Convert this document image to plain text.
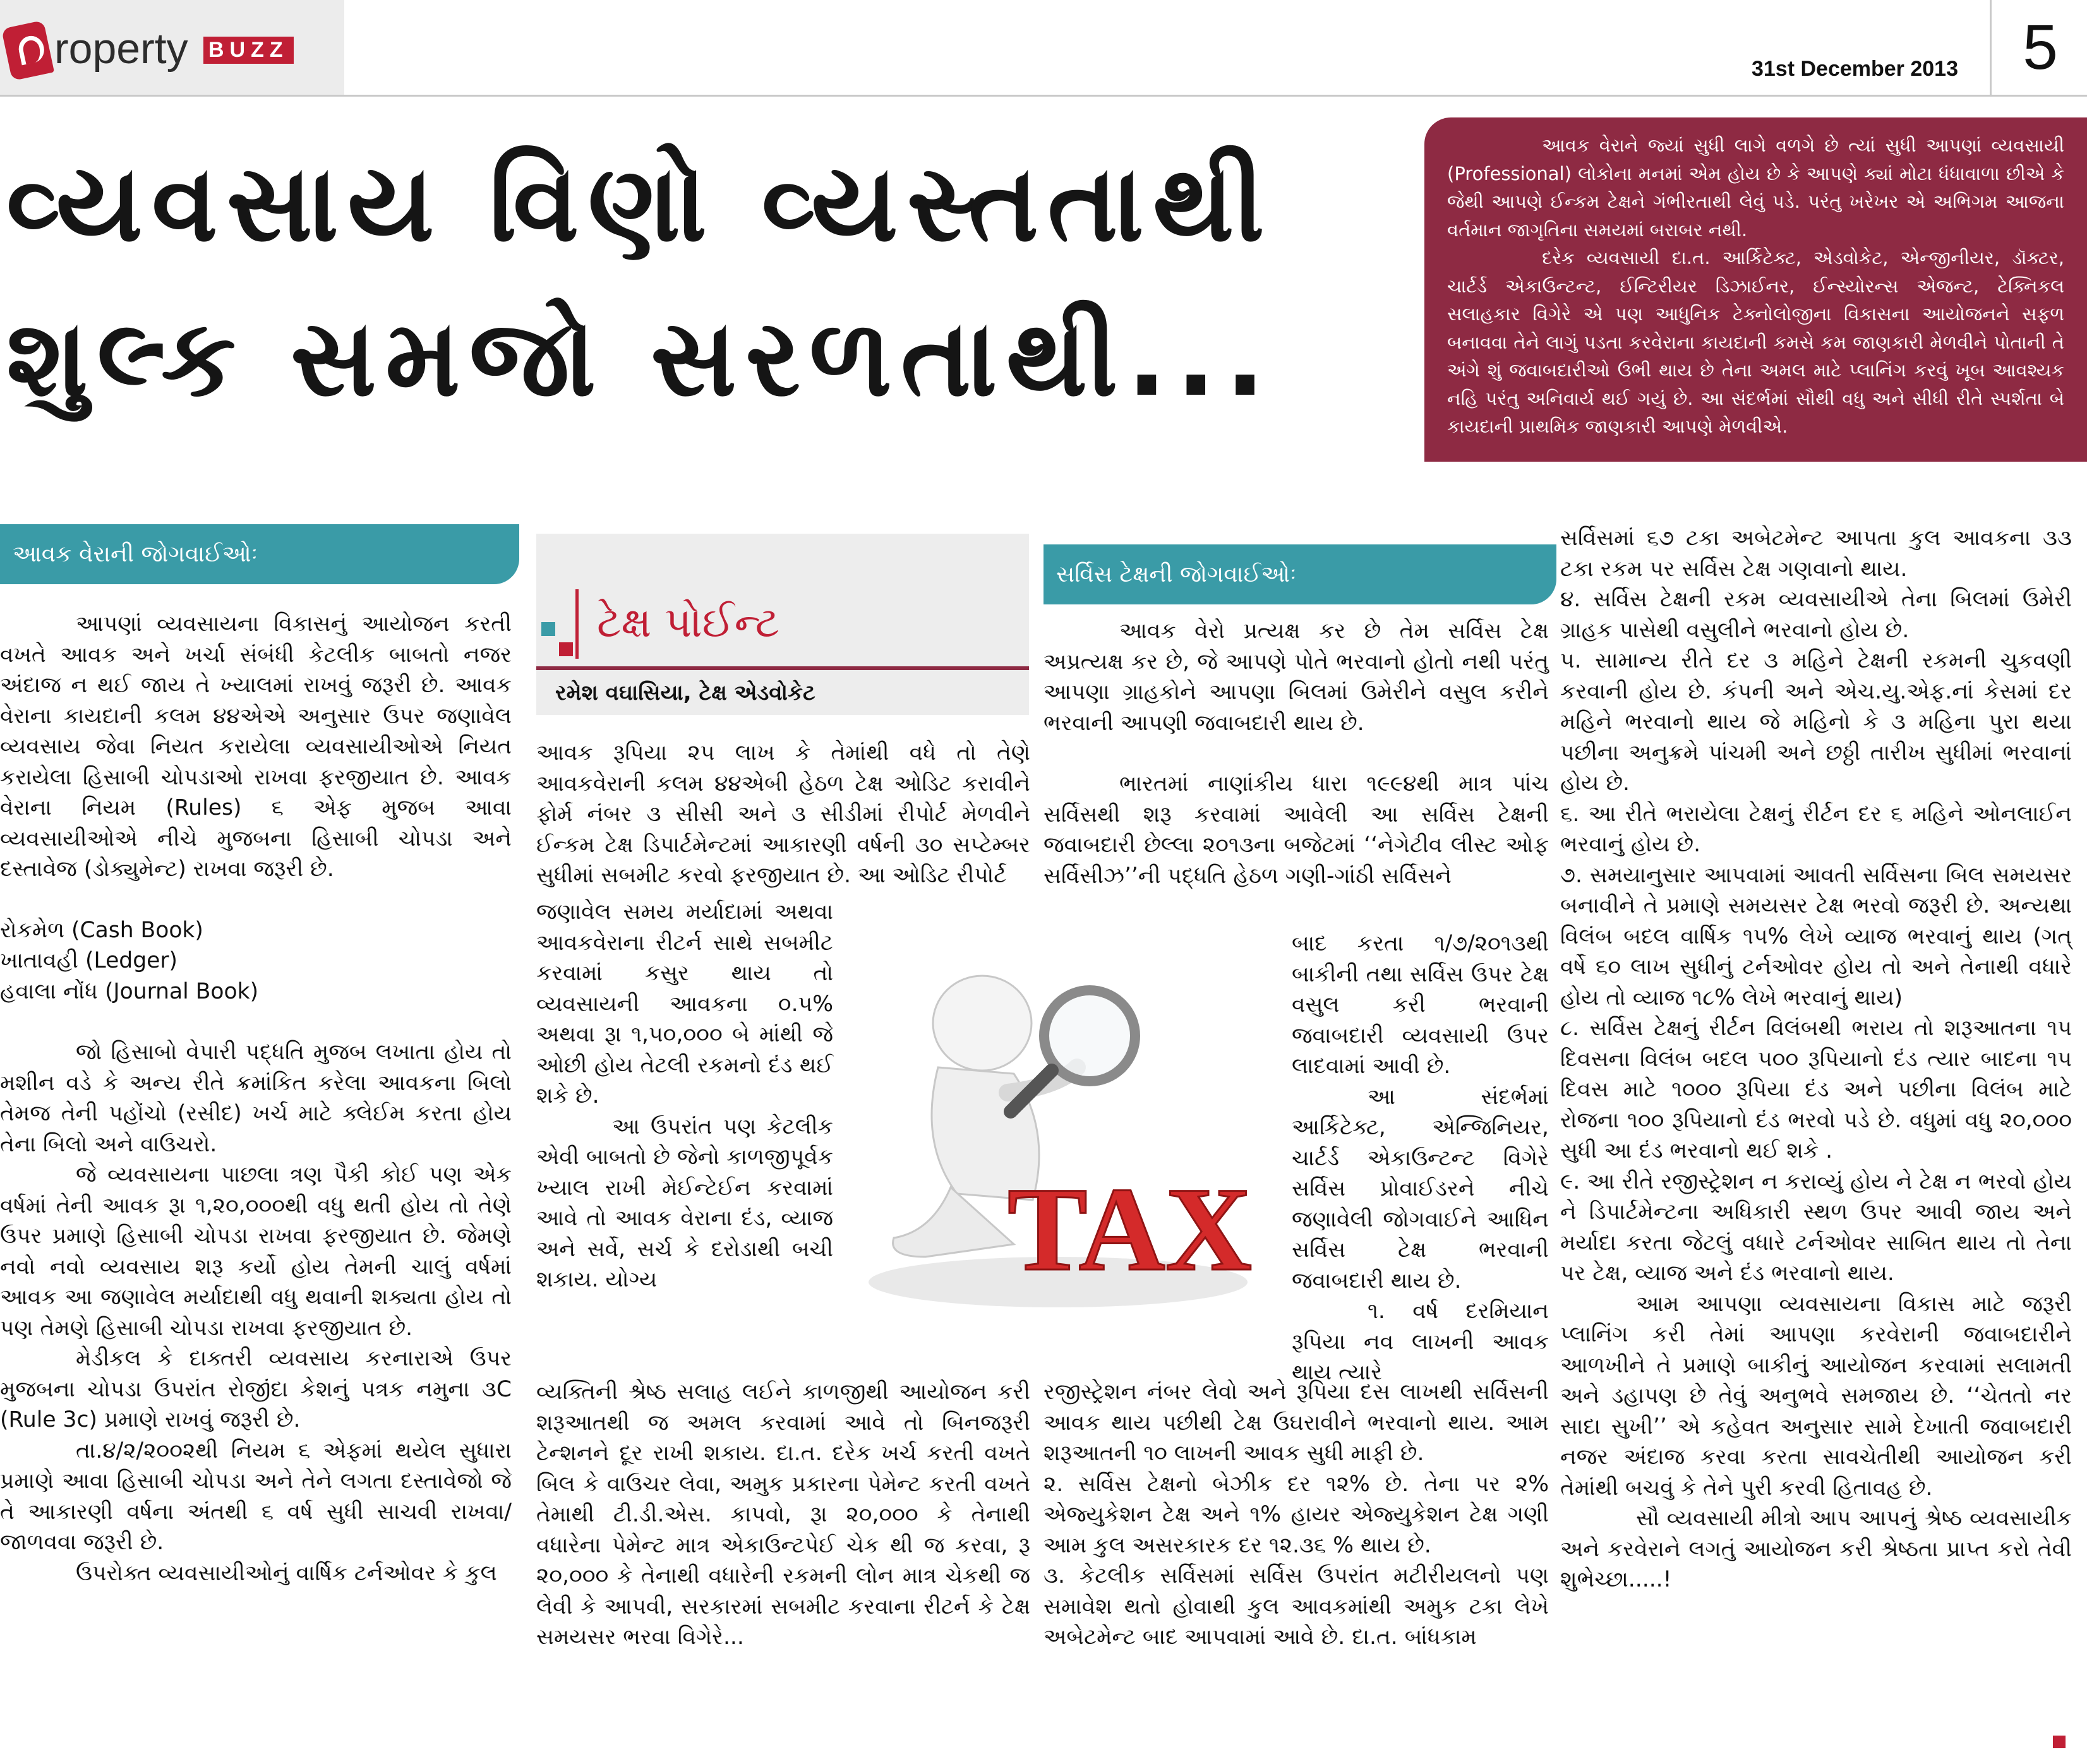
roperty BUZZ
31st December 2013	5
વ્યવસાય વિણો વ્યસ્તતાથી શુલ્ક સમજો સરળતાથી...

આવક વેરાને જ્યાં સુધી લાગે વળગે છે ત્યાં સુધી આપણાં વ્યવસાયી (Professional) લોકોના મનમાં એમ હોય છે કે આપણે ક્યાં મોટા ધંધાવાળા છીએ કે જેથી આપણે ઈન્કમ ટેક્ષને ગંભીરતાથી લેવું પડે. પરંતુ ખરેખર એ અભિગમ આજના વર્તમાન જાગૃતિના સમયમાં બરાબર નથી.

દરેક વ્યવસાયી દા.ત. આર્કિટેક્ટ, એડવોકેટ, એન્જીનીયર, ડૉક્ટર, ચાર્ટર્ડ એકાઉન્ટન્ટ, ઈન્ટિરીયર ડિઝાઈનર, ઈન્સ્યોરન્સ એજન્ટ, ટેક્નિકલ સલાહકાર વિગેરે એ પણ આધુનિક ટેક્નોલોજીના વિકાસના આયોજનને સફળ બનાવવા તેને લાગું પડતા કરવેરાના કાયદાની કમસે કમ જાણકારી મેળવીને પોતાની તે અંગે શું જવાબદારીઓ ઉભી થાય છે તેના અમલ માટે પ્લાનિંગ કરવું ખૂબ આવશ્યક નહિ પરંતુ અનિવાર્ય થઈ ગયું છે. આ સંદર્ભમાં સૌથી વધુ અને સીધી રીતે સ્પર્શતા બે કાયદાની પ્રાથમિક જાણકારી આપણે મેળવીએ.

આવક વેરાની જોગવાઈઓઃ
સર્વિસ ટેક્ષની જોગવાઈઓઃ
ટેક્ષ પોઈન્ટ
રમેશ વઘાસિયા, ટેક્ષ એડવોકેટ

આપણાં વ્યવસાયના વિકાસનું આયોજન કરતી વખતે આવક અને ખર્ચા સંબંધી કેટલીક બાબતો નજર અંદાજ ન થઈ જાય તે ખ્યાલમાં રાખવું જરૂરી છે. આવક વેરાના કાયદાની કલમ ૪૪એએ અનુસાર ઉપર જણાવેલ વ્યવસાય જેવા નિયત કરાયેલા વ્યવસાયીઓએ નિયત કરાયેલા હિસાબી ચોપડાઓ રાખવા ફરજીયાત છે. આવક વેરાના નિયમ (Rules) ૬ એફ મુજબ આવા વ્યવસાયીઓએ નીચે મુજબના હિસાબી ચોપડા અને દસ્તાવેજ (ડોક્યુમેન્ટ) રાખવા જરૂરી છે.

રોકમેળ (Cash Book)

ખાતાવહી (Ledger)

હવાલા નોંધ (Journal Book)

જો હિસાબો વેપારી પદ્ધતિ મુજબ લખાતા હોય તો મશીન વડે કે અન્ય રીતે ક્રમાંકિત કરેલા આવકના બિલો તેમજ તેની પહોંચો (રસીદ) ખર્ચ માટે ક્લેઈમ કરતા હોય તેના બિલો અને વાઉચરો.

જે વ્યવસાયના પાછલા ત્રણ પૈકી કોઈ પણ એક વર્ષમાં તેની આવક રૂા ૧,૨૦,૦૦૦થી વધુ થતી હોય તો તેણે ઉપર પ્રમાણે હિસાબી ચોપડા રાખવા ફરજીયાત છે. જેમણે નવો નવો વ્યવસાય શરૂ કર્યો હોય તેમની ચાલું વર્ષમાં આવક આ જણાવેલ મર્યાદાથી વધુ થવાની શક્યતા હોય તો પણ તેમણે હિસાબી ચોપડા રાખવા ફરજીયાત છે.

મેડીકલ કે દાક્તરી વ્યવસાય કરનારાએ ઉપર મુજબના ચોપડા ઉપરાંત રોજીંદા કેશનું પત્રક નમુના ૩C (Rule 3c) પ્રમાણે રાખવું જરૂરી છે.

તા.૪/૨/૨૦૦૨થી નિયમ ૬ એફમાં થયેલ સુધારા પ્રમાણે આવા હિસાબી ચોપડા અને તેને લગતા દસ્તાવેજો જે તે આકારણી વર્ષના અંતથી ૬ વર્ષ સુધી સાચવી રાખવા/જાળવવા જરૂરી છે.

ઉપરોક્ત વ્યવસાયીઓનું વાર્ષિક ટર્નઓવર કે કુલ

આવક રૂપિયા ૨૫ લાખ કે તેમાંથી વધે તો તેણે આવકવેરાની કલમ ૪૪એબી હેઠળ ટેક્ષ ઓડિટ કરાવીને ફોર્મ નંબર ૩ સીસી અને ૩ સીડીમાં રીપોર્ટ મેળવીને ઈન્કમ ટેક્ષ ડિપાર્ટમેન્ટમાં આકારણી વર્ષની ૩૦ સપ્ટેમ્બર સુધીમાં સબમીટ કરવો ફરજીયાત છે. આ ઓડિટ રીપોર્ટ

જણાવેલ સમય મર્યાદામાં અથવા આવકવેરાના રીટર્ન સાથે સબમીટ કરવામાં કસુર થાય તો વ્યવસાયની આવકના ૦.૫% અથવા રૂા ૧,૫૦,૦૦૦ બે માંથી જે ઓછી હોય તેટલી રકમનો દંડ થઈ શકે છે.

આ ઉપરાંત પણ કેટલીક એવી બાબતો છે જેનો કાળજીપૂર્વક ખ્યાલ રાખી મેઈન્ટેઈન કરવામાં આવે તો આવક વેરાના દંડ, વ્યાજ અને સર્વે, સર્ચ કે દરોડાથી બચી શકાય. યોગ્ય

વ્યક્તિની શ્રેષ્ઠ સલાહ લઈને કાળજીથી આયોજન કરી શરૂઆતથી જ અમલ કરવામાં આવે તો બિનજરૂરી ટેન્શનને દૂર રાખી શકાય. દા.ત. દરેક ખર્ચ કરતી વખતે બિલ કે વાઉચર લેવા, અમુક પ્રકારના પેમેન્ટ કરતી વખતે તેમાથી ટી.ડી.એસ. કાપવો, રૂા ૨૦,૦૦૦ કે તેનાથી વધારેના પેમેન્ટ માત્ર એકાઉન્ટપેઈ ચેક થી જ કરવા, રૂ ૨૦,૦૦૦ કે તેનાથી વધારેની રકમની લોન માત્ર ચેકથી જ લેવી કે આપવી, સરકારમાં સબમીટ કરવાના રીટર્ન કે ટેક્ષ સમયસર ભરવા વિગેરે...

TAX

આવક વેરો પ્રત્યક્ષ કર છે તેમ સર્વિસ ટેક્ષ અપ્રત્યક્ષ કર છે, જે આપણે પોતે ભરવાનો હોતો નથી પરંતુ આપણા ગ્રાહકોને આપણા બિલમાં ઉમેરીને વસુલ કરીને ભરવાની આપણી જવાબદારી થાય છે.

ભારતમાં નાણાંકીય ધારા ૧૯૯૪થી માત્ર પાંચ સર્વિસથી શરૂ કરવામાં આવેલી આ સર્વિસ ટેક્ષની જવાબદારી છેલ્લા ૨૦૧૩ના બજેટમાં ‘‘નેગેટીવ લીસ્ટ ઓફ સર્વિસીઝ’’ની પદ્ધતિ હેઠળ ગણી-ગાંઠી સર્વિસને

બાદ કરતા ૧/૭/૨૦૧૩થી બાકીની તથા સર્વિસ ઉપર ટેક્ષ વસુલ કરી ભરવાની જવાબદારી વ્યવસાયી ઉપર લાદવામાં આવી છે.

આ સંદર્ભમાં આર્કિટેક્ટ, એન્જિનિયર, ચાર્ટર્ડ એકાઉન્ટન્ટ વિગેરે સર્વિસ પ્રોવાઈડરને નીચે જણાવેલી જોગવાઈને આધિન સર્વિસ ટેક્ષ ભરવાની જવાબદારી થાય છે.

૧. વર્ષ દરમિયાન રૂપિયા નવ લાખની આવક થાય ત્યારે

રજીસ્ટ્રેશન નંબર લેવો અને રૂપિયા દસ લાખથી સર્વિસની આવક થાય પછીથી ટેક્ષ ઉઘરાવીને ભરવાનો થાય. આમ શરૂઆતની ૧૦ લાખની આવક સુધી માફી છે.

૨. સર્વિસ ટેક્ષનો બેઝીક દર ૧૨% છે. તેના પર ૨% એજ્યુકેશન ટેક્ષ અને ૧% હાયર એજ્યુકેશન ટેક્ષ ગણી આમ કુલ અસરકારક દર ૧૨.૩૬ % થાય છે.

૩. કેટલીક સર્વિસમાં સર્વિસ ઉપરાંત મટીરીયલનો પણ સમાવેશ થતો હોવાથી કુલ આવકમાંથી અમુક ટકા લેખે અબેટમેન્ટ બાદ આપવામાં આવે છે. દા.ત. બાંધકામ

સર્વિસમાં ૬૭ ટકા અબેટમેન્ટ આપતા કુલ આવકના ૩૩ ટકા રકમ પર સર્વિસ ટેક્ષ ગણવાનો થાય.

૪. સર્વિસ ટેક્ષની રકમ વ્યવસાયીએ તેના બિલમાં ઉમેરી ગ્રાહક પાસેથી વસુલીને ભરવાનો હોય છે.

૫. સામાન્ય રીતે દર ૩ મહિને ટેક્ષની રકમની ચુકવણી કરવાની હોય છે. કંપની અને એચ.યુ.એફ.નાં કેસમાં દર મહિને ભરવાનો થાય જે મહિનો કે ૩ મહિના પુરા થયા પછીના અનુક્રમે પાંચમી અને છઠ્ઠી તારીખ સુધીમાં ભરવાનાં હોય છે.

૬. આ રીતે ભરાયેલા ટેક્ષનું રીર્ટન દર ૬ મહિને ઓનલાઈન ભરવાનું હોય છે.

૭. સમયાનુસાર આપવામાં આવતી સર્વિસના બિલ સમયસર બનાવીને તે પ્રમાણે સમયસર ટેક્ષ ભરવો જરૂરી છે. અન્યથા વિલંબ બદલ વાર્ષિક ૧૫% લેખે વ્યાજ ભરવાનું થાય (ગત્ વર્ષે ૬૦ લાખ સુધીનું ટર્નઓવર હોય તો અને તેનાથી વધારે હોય તો વ્યાજ ૧૮% લેખે ભરવાનું થાય)

૮. સર્વિસ ટેક્ષનું રીર્ટન વિલંબથી ભરાય તો શરૂઆતના ૧૫ દિવસના વિલંબ બદલ ૫૦૦ રૂપિયાનો દંડ ત્યાર બાદના ૧૫ દિવસ માટે ૧૦૦૦ રૂપિયા દંડ અને પછીના વિલંબ માટે રોજના ૧૦૦ રૂપિયાનો દંડ ભરવો પડે છે. વધુમાં વધુ ૨૦,૦૦૦ સુધી આ દંડ ભરવાનો થઈ શકે .

૯. આ રીતે રજીસ્ટ્રેશન ન કરાવ્યું હોય ને ટેક્ષ ન ભરવો હોય ને ડિપાર્ટમેન્ટના અધિકારી સ્થળ ઉપર આવી જાય અને મર્યાદા કરતા જેટલું વધારે ટર્નઓવર સાબિત થાય તો તેના પર ટેક્ષ, વ્યાજ અને દંડ ભરવાનો થાય.

આમ આપણા વ્યવસાયના વિકાસ માટે જરૂરી પ્લાનિંગ કરી તેમાં આપણા કરવેરાની જવાબદારીને આળખીને તે પ્રમાણે બાકીનું આયોજન કરવામાં સલામતી અને ડહાપણ છે તેવું અનુભવે સમજાય છે. ‘‘ચેતતો નર સાદા સુખી’’ એ કહેવત અનુસાર સામે દેખાતી જવાબદારી નજર અંદાજ કરવા કરતા સાવચેતીથી આયોજન કરી તેમાંથી બચવું કે તેને પુરી કરવી હિતાવહ છે.

સૌ વ્યવસાયી મીત્રો આપ આપનું શ્રેષ્ઠ વ્યવસાયીક અને કરવેરાને લગતું આયોજન કરી શ્રેષ્ઠતા પ્રાપ્ત કરો તેવી શુભેચ્છા.....!
